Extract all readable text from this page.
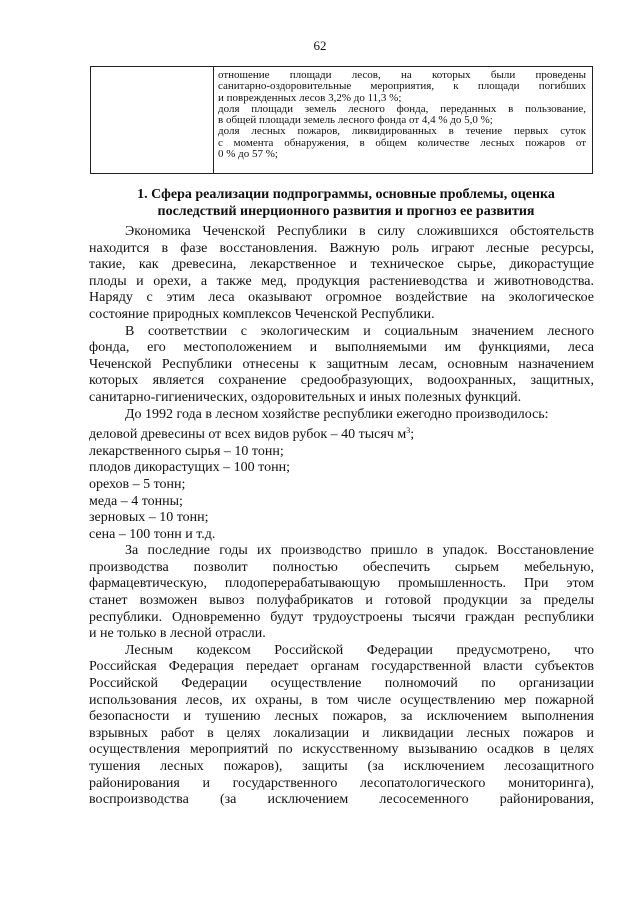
62

отношение площади лесов, на которых были проведены
санитарно-оздоровительные мероприятия, к площади погибших
и поврежденных лесов 3,2% до 11,3 %;
доля площади земель лесного фонда, переданных в пользование,
в общей площади земель лесного фонда от 4,4 % до 5,0 %;
доля лесных пожаров, ликвидированных в течение первых суток
с момента обнаружения, в общем количестве лесных пожаров от
0 % до 57 %;
1. Сфера реализации подпрограммы, основные проблемы, оценка
последствий инерционного развития и прогноз ее развития
Экономика Чеченской Республики в силу сложившихся обстоятельств
находится в фазе восстановления. Важную роль играют лесные ресурсы,
такие, как древесина, лекарственное и техническое сырье, дикорастущие
плоды и орехи, а также мед, продукция растениеводства и животноводства.
Наряду с этим леса оказывают огромное воздействие на экологическое
состояние природных комплексов Чеченской Республики.
В соответствии с экологическим и социальным значением лесного
фонда, его местоположением и выполняемыми им функциями, леса
Чеченской Республики отнесены к защитным лесам, основным назначением
которых является сохранение средообразующих, водоохранных, защитных,
санитарно-гигиенических, оздоровительных и иных полезных функций.
До 1992 года в лесном хозяйстве республики ежегодно производилось:
деловой древесины от всех видов рубок – 40 тысяч $м^3$;
лекарственного сырья – 10 тонн;
плодов дикорастущих – 100 тонн;
орехов – 5 тонн;
меда – 4 тонны;
зерновых – 10 тонн;
сена – 100 тонн и т.д.
За последние годы их производство пришло в упадок. Восстановление
производства позволит полностью обеспечить сырьем мебельную,
фармацевтическую, плодоперерабатывающую промышленность. При этом
станет возможен вывоз полуфабрикатов и готовой продукции за пределы
республики. Одновременно будут трудоустроены тысячи граждан республики
и не только в лесной отрасли.
Лесным кодексом Российской Федерации предусмотрено, что
Российская Федерация передает органам государственной власти субъектов
Российской Федерации осуществление полномочий по организации
использования лесов, их охраны, в том числе осуществлению мер пожарной
безопасности и тушению лесных пожаров, за исключением выполнения
взрывных работ в целях локализации и ликвидации лесных пожаров и
осуществления мероприятий по искусственному вызыванию осадков в целях
тушения лесных пожаров), защиты (за исключением лесозащитного
районирования и государственного лесопатологического мониторинга),
воспроизводства (за исключением лесосеменного районирования,
